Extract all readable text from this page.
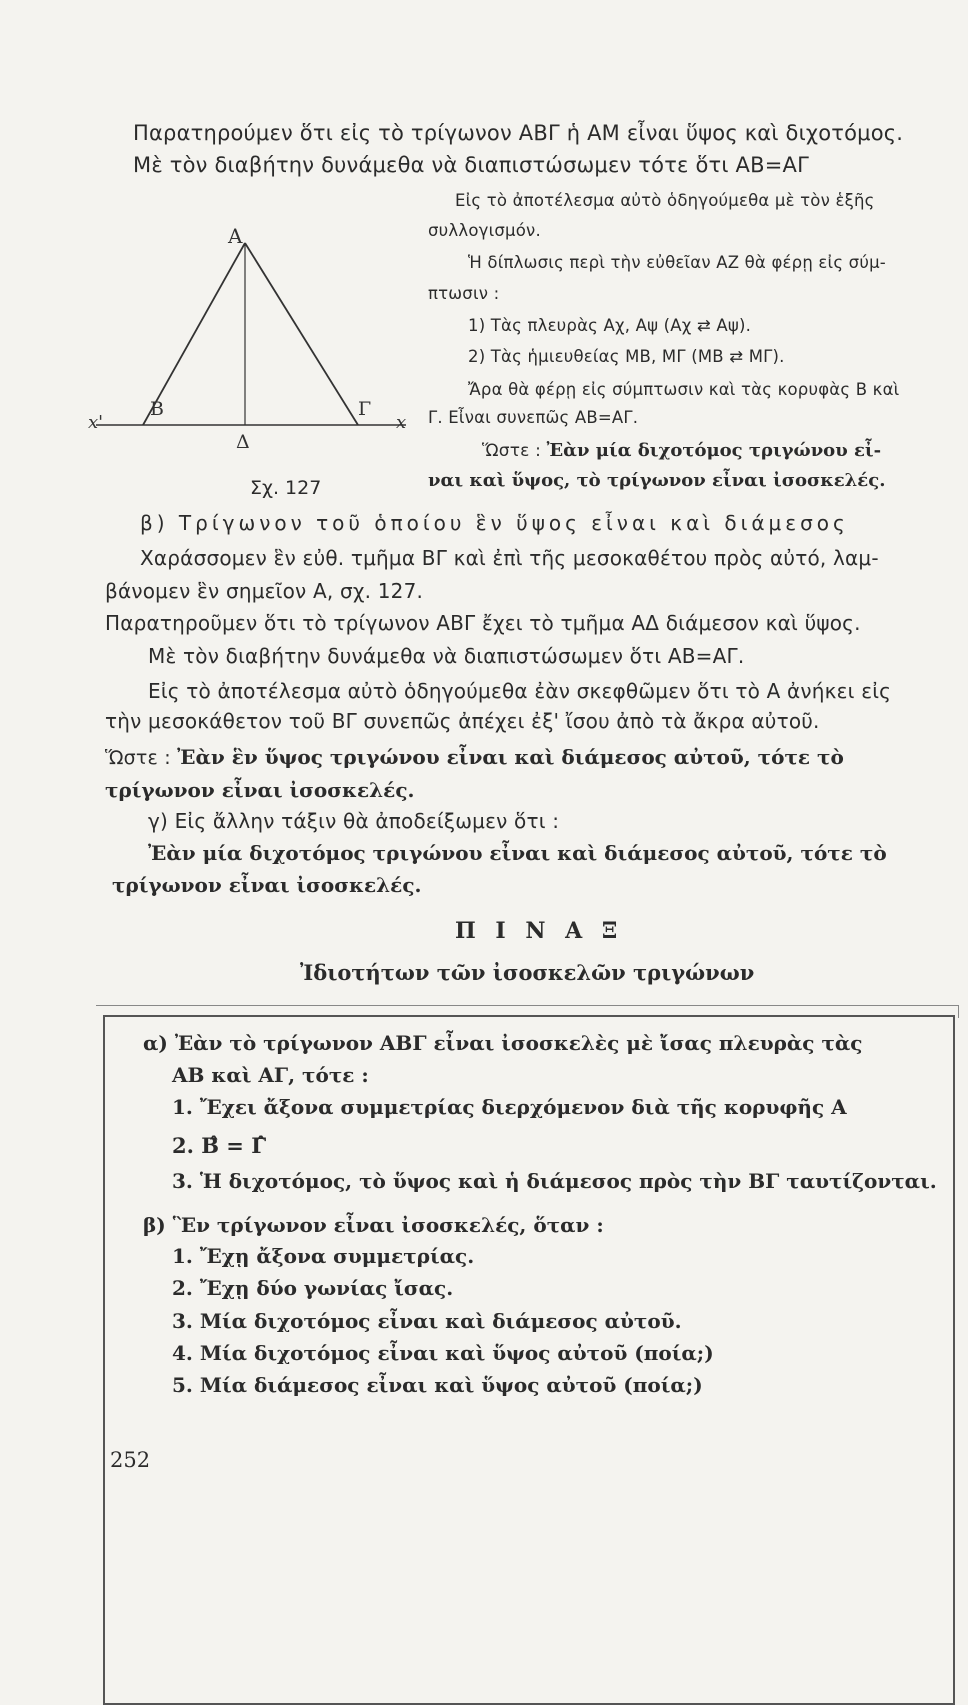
Παρατηρούμεν ὅτι εἰς τὸ τρίγωνον ΑΒΓ ἡ ΑΜ εἶναι ὕψος καὶ διχοτόμος.
Μὲ τὸν διαβήτην δυνάμεθα νὰ διαπιστώσωμεν τότε ὅτι ΑΒ=ΑΓ
Α
Β	Γ
Δ
x'	x
Σχ. 127
Εἰς τὸ ἀποτέλεσμα αὐτὸ ὁδηγούμεθα μὲ τὸν ἑξῆς
συλλογισμόν.
Ἡ δίπλωσις περὶ τὴν εὐθεῖαν ΑΖ θὰ φέρῃ εἰς σύμ-
πτωσιν :
1) Τὰς πλευρὰς Αχ, Αψ (Αχ ⇄ Αψ).
2) Τὰς ἡμιευθείας ΜΒ, ΜΓ (ΜΒ ⇄ ΜΓ).
Ἄρα θὰ φέρῃ εἰς σύμπτωσιν καὶ τὰς κορυφὰς Β καὶ
Γ. Εἶναι συνεπῶς ΑΒ=ΑΓ.
Ὥστε : Ἐὰν μία διχοτόμος τριγώνου εἶ-
ναι καὶ ὕψος, τὸ τρίγωνον εἶναι ἰσοσκελές.
β) Τρίγωνον τοῦ ὁποίου ἓν ὕψος εἶναι καὶ διάμεσος
Χαράσσομεν ἓν εὐθ. τμῆμα ΒΓ καὶ ἐπὶ τῆς μεσοκαθέτου πρὸς αὐτό, λαμ-
βάνομεν ἓν σημεῖον Α, σχ. 127.
Παρατηροῦμεν ὅτι τὸ τρίγωνον ΑΒΓ ἔχει τὸ τμῆμα ΑΔ διάμεσον καὶ ὕψος.
Μὲ τὸν διαβήτην δυνάμεθα νὰ διαπιστώσωμεν ὅτι ΑΒ=ΑΓ.
Εἰς τὸ ἀποτέλεσμα αὐτὸ ὁδηγούμεθα ἐὰν σκεφθῶμεν ὅτι τὸ Α ἀνήκει εἰς
τὴν μεσοκάθετον τοῦ ΒΓ συνεπῶς ἀπέχει ἐξ' ἴσου ἀπὸ τὰ ἄκρα αὐτοῦ.
Ὥστε : Ἐὰν ἓν ὕψος τριγώνου εἶναι καὶ διάμεσος αὐτοῦ, τότε τὸ
τρίγωνον εἶναι ἰσοσκελές.
γ) Εἰς ἄλλην τάξιν θὰ ἀποδείξωμεν ὅτι :
Ἐὰν μία διχοτόμος τριγώνου εἶναι καὶ διάμεσος αὐτοῦ, τότε τὸ
τρίγωνον εἶναι ἰσοσκελές.
Π Ι Ν Α Ξ
Ἰδιοτήτων τῶν ἰσοσκελῶν τριγώνων
α) Ἐὰν τὸ τρίγωνον ΑΒΓ εἶναι ἰσοσκελὲς μὲ ἴσας πλευρὰς τὰς
ΑΒ καὶ ΑΓ, τότε :
1. Ἔχει ἄξονα συμμετρίας διερχόμενον διὰ τῆς κορυφῆς Α
2. Β̂ = Γ̂
3. Ἡ διχοτόμος, τὸ ὕψος καὶ ἡ διάμεσος πρὸς τὴν ΒΓ ταυτίζονται.
β) Ἓν τρίγωνον εἶναι ἰσοσκελές, ὅταν :
1. Ἔχῃ ἄξονα συμμετρίας.
2. Ἔχῃ δύο γωνίας ἴσας.
3. Μία διχοτόμος εἶναι καὶ διάμεσος αὐτοῦ.
4. Μία διχοτόμος εἶναι καὶ ὕψος αὐτοῦ (ποία;)
5. Μία διάμεσος εἶναι καὶ ὕψος αὐτοῦ (ποία;)
252
